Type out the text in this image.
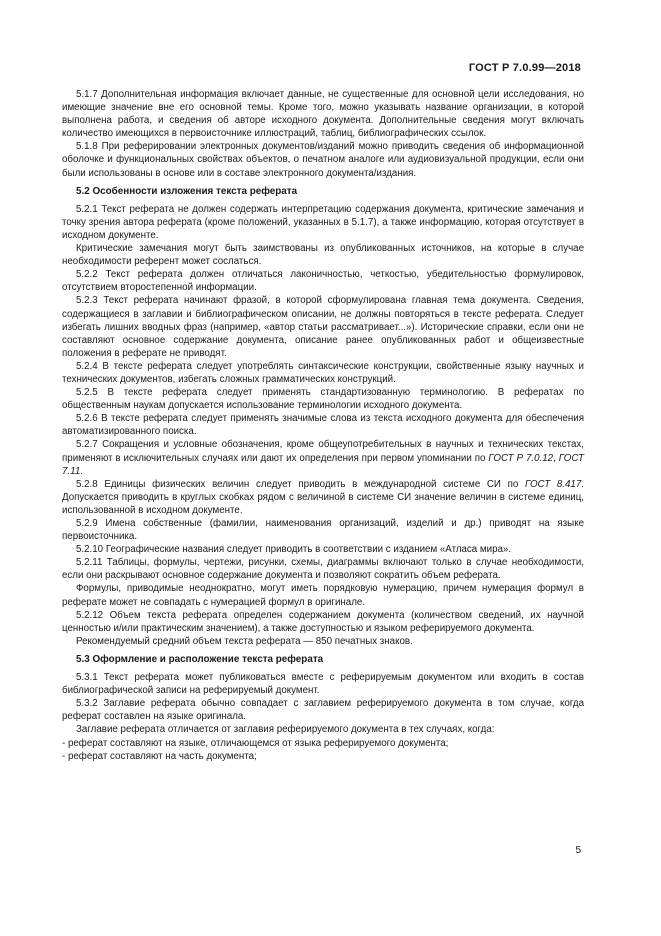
ГОСТ Р 7.0.99—2018

5.1.7 Дополнительная информация включает данные, не существенные для основной цели исследования, но имеющие значение вне его основной темы. Кроме того, можно указывать название организации, в которой выполнена работа, и сведения об авторе исходного документа. Дополнительные сведения могут включать количество имеющихся в первоисточнике иллюстраций, таблиц, библиографических ссылок.

5.1.8 При реферировании электронных документов/изданий можно приводить сведения об информационной оболочке и функциональных свойствах объектов, о печатном аналоге или аудиовизуальной продукции, если они были использованы в основе или в составе электронного документа/издания.

5.2 Особенности изложения текста реферата

5.2.1 Текст реферата не должен содержать интерпретацию содержания документа, критические замечания и точку зрения автора реферата (кроме положений, указанных в 5.1.7), а также информацию, которая отсутствует в исходном документе.

Критические замечания могут быть заимствованы из опубликованных источников, на которые в случае необходимости референт может сослаться.

5.2.2 Текст реферата должен отличаться лаконичностью, четкостью, убедительностью формулировок, отсутствием второстепенной информации.

5.2.3 Текст реферата начинают фразой, в которой сформулирована главная тема документа. Сведения, содержащиеся в заглавии и библиографическом описании, не должны повторяться в тексте реферата. Следует избегать лишних вводных фраз (например, «автор статьи рассматривает...»). Исторические справки, если они не составляют основное содержание документа, описание ранее опубликованных работ и общеизвестные положения в реферате не приводят.

5.2.4 В тексте реферата следует употреблять синтаксические конструкции, свойственные языку научных и технических документов, избегать сложных грамматических конструкций.

5.2.5 В тексте реферата следует применять стандартизованную терминологию. В рефератах по общественным наукам допускается использование терминологии исходного документа.

5.2.6 В тексте реферата следует применять значимые слова из текста исходного документа для обеспечения автоматизированного поиска.

5.2.7 Сокращения и условные обозначения, кроме общеупотребительных в научных и технических текстах, применяют в исключительных случаях или дают их определения при первом упоминании по ГОСТ Р 7.0.12, ГОСТ 7.11.

5.2.8 Единицы физических величин следует приводить в международной системе СИ по ГОСТ 8.417. Допускается приводить в круглых скобках рядом с величиной в системе СИ значение величин в системе единиц, использованной в исходном документе.

5.2.9 Имена собственные (фамилии, наименования организаций, изделий и др.) приводят на языке первоисточника.

5.2.10 Географические названия следует приводить в соответствии с изданием «Атласа мира».

5.2.11 Таблицы, формулы, чертежи, рисунки, схемы, диаграммы включают только в случае необходимости, если они раскрывают основное содержание документа и позволяют сократить объем реферата.

Формулы, приводимые неоднократно, могут иметь порядковую нумерацию, причем нумерация формул в реферате может не совпадать с нумерацией формул в оригинале.

5.2.12 Объем текста реферата определен содержанием документа (количеством сведений, их научной ценностью и/или практическим значением), а также доступностью и языком реферируемого документа.

Рекомендуемый средний объем текста реферата — 850 печатных знаков.

5.3 Оформление и расположение текста реферата

5.3.1 Текст реферата может публиковаться вместе с реферируемым документом или входить в состав библиографической записи на реферируемый документ.

5.3.2 Заглавие реферата обычно совпадает с заглавием реферируемого документа в том случае, когда реферат составлен на языке оригинала.

Заглавие реферата отличается от заглавия реферируемого документа в тех случаях, когда:

- реферат составляют на языке, отличающемся от языка реферируемого документа;

- реферат составляют на часть документа;

5
